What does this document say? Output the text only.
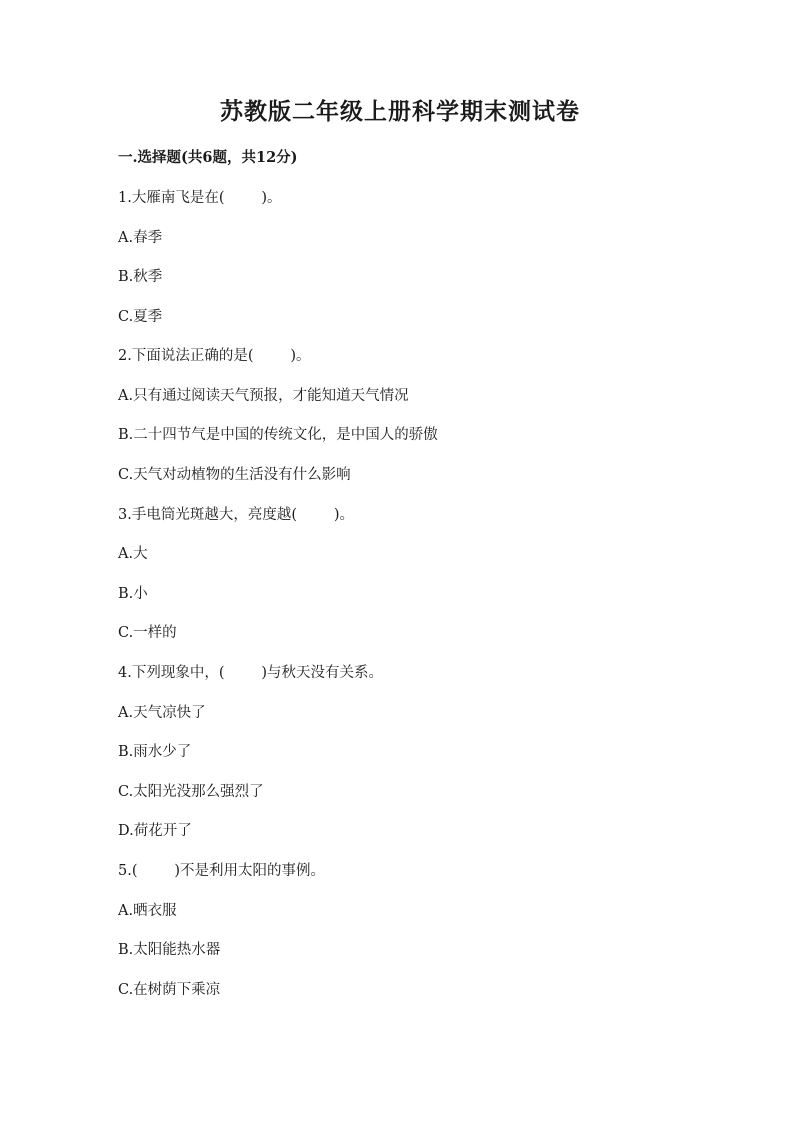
苏教版二年级上册科学期末测试卷
一.选择题(共6题，共12分)
1.大雁南飞是在(        )。
A.春季
B.秋季
C.夏季
2.下面说法正确的是(        )。
A.只有通过阅读天气预报，才能知道天气情况
B.二十四节气是中国的传统文化，是中国人的骄傲
C.天气对动植物的生活没有什么影响
3.手电筒光斑越大，亮度越(        )。
A.大
B.小
C.一样的
4.下列现象中，(        )与秋天没有关系。
A.天气凉快了
B.雨水少了
C.太阳光没那么强烈了
D.荷花开了
5.(        )不是利用太阳的事例。
A.晒衣服
B.太阳能热水器
C.在树荫下乘凉
